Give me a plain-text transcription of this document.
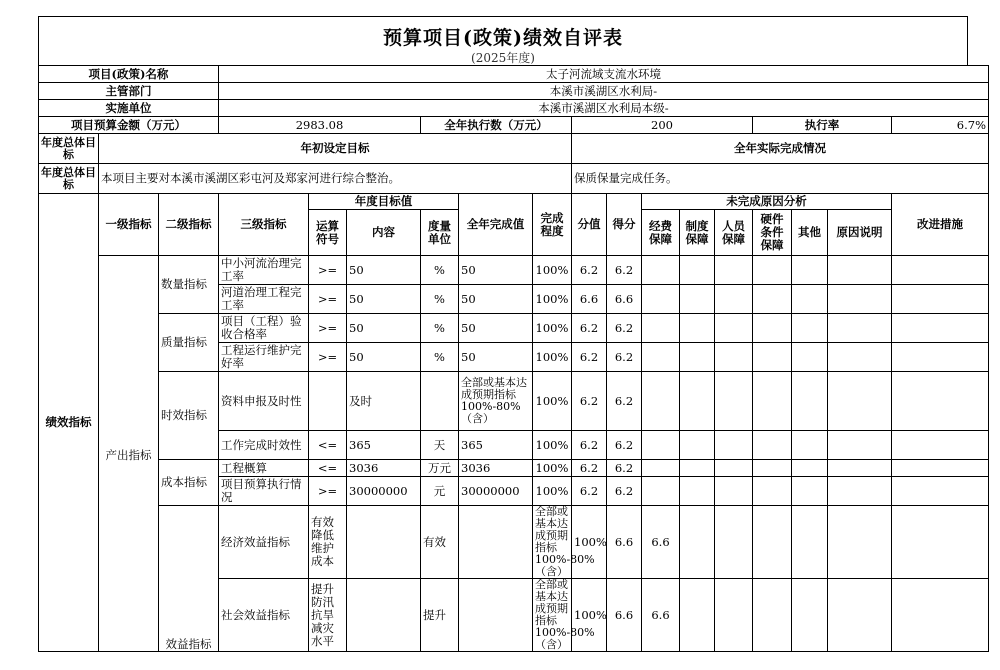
预算项目(政策)绩效自评表
(2025年度)
项目(政策)名称			太子河流域支流水环境															
主管部门			本溪市溪湖区水利局-															
实施单位			本溪市溪湖区水利局本级-															
项目预算金额（万元）			2983.08			全年执行数（万元）			200					执行率			6.7%	
年度总体目标	年初设定目标								全年实际完成情况									
年度总体目标	本项目主要对本溪市溪湖区彩屯河及郑家河进行综合整治。								保质保量完成任务。									
绩效指标	一级指标	二级指标	三级指标	年度目标值			全年完成值	完成程度	分值	得分	未完成原因分析						改进措施	
				运算符号	内容	度量单位					经费保障	制度保障	人员保障	硬件条件保障	其他	原因说明		
	产出指标	数量指标	中小河流治理完工率	>=	50	%	50	100%	6.2	6.2								
			河道治理工程完工率	>=	50	%	50	100%	6.6	6.6								
		质量指标	项目（工程）验收合格率	>=	50	%	50	100%	6.2	6.2								
			工程运行维护完好率	>=	50	%	50	100%	6.2	6.2								
		时效指标	资料申报及时性		及时		全部或基本达成预期指标100%-80%（含）	100%	6.2	6.2								
			工作完成时效性	<=	365	天	365	100%	6.2	6.2								
		成本指标	工程概算	<=	3036	万元	3036	100%	6.2	6.2								
			项目预算执行情况	>=	30000000	元	30000000	100%	6.2	6.2								
		效益指标	经济效益指标	有效降低维护成本		有效		全部或基本达成预期指标100%-80%（含）	100%	6.6	6.6							
			社会效益指标	提升防汛抗旱减灾水平		提升		全部或基本达成预期指标100%-80%（含）	100%	6.6	6.6							
